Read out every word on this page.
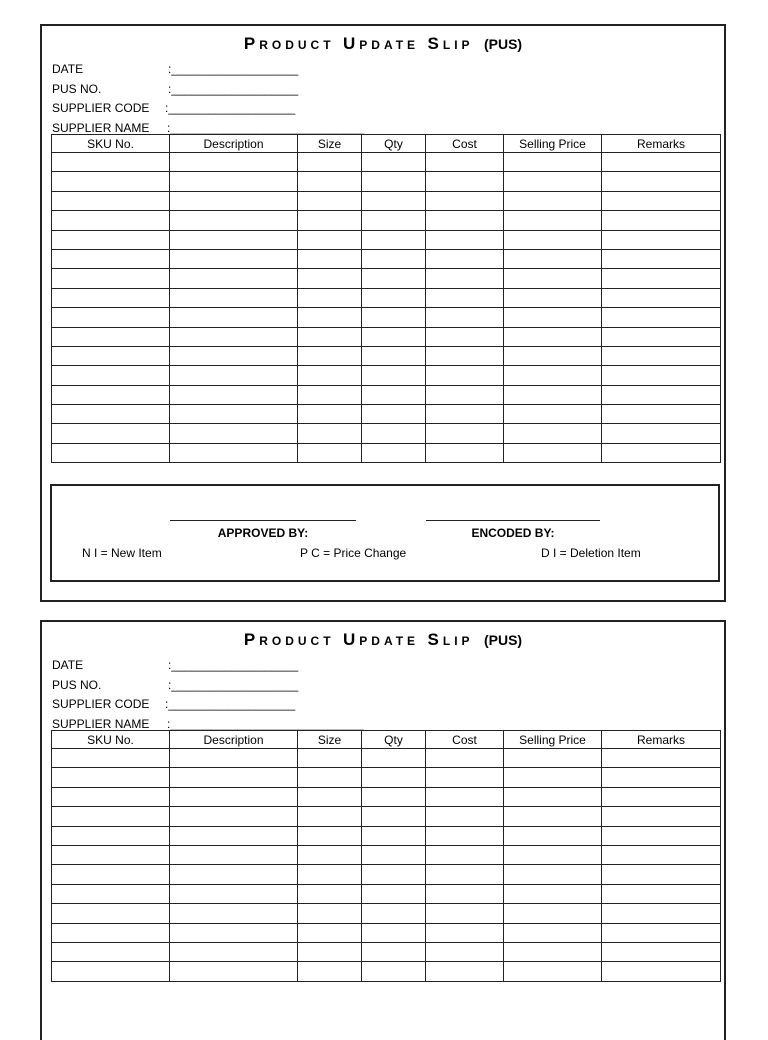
PRODUCT UPDATE SLIP (PUS)
DATE	:___________________
PUS NO.	:___________________
SUPPLIER CODE :___________________
SUPPLIER NAME :_____________________________
SKU No.	Description	Size	Qty	Cost	Selling Price	Remarks

APPROVED BY:	ENCODED BY:
N I = New Item	P C = Price Change	D I = Deletion Item
PRODUCT UPDATE SLIP (PUS)
DATE	:___________________
PUS NO.	:___________________
SUPPLIER CODE :___________________
SUPPLIER NAME :_____________________________
SKU No.	Description	Size	Qty	Cost	Selling Price	Remarks
